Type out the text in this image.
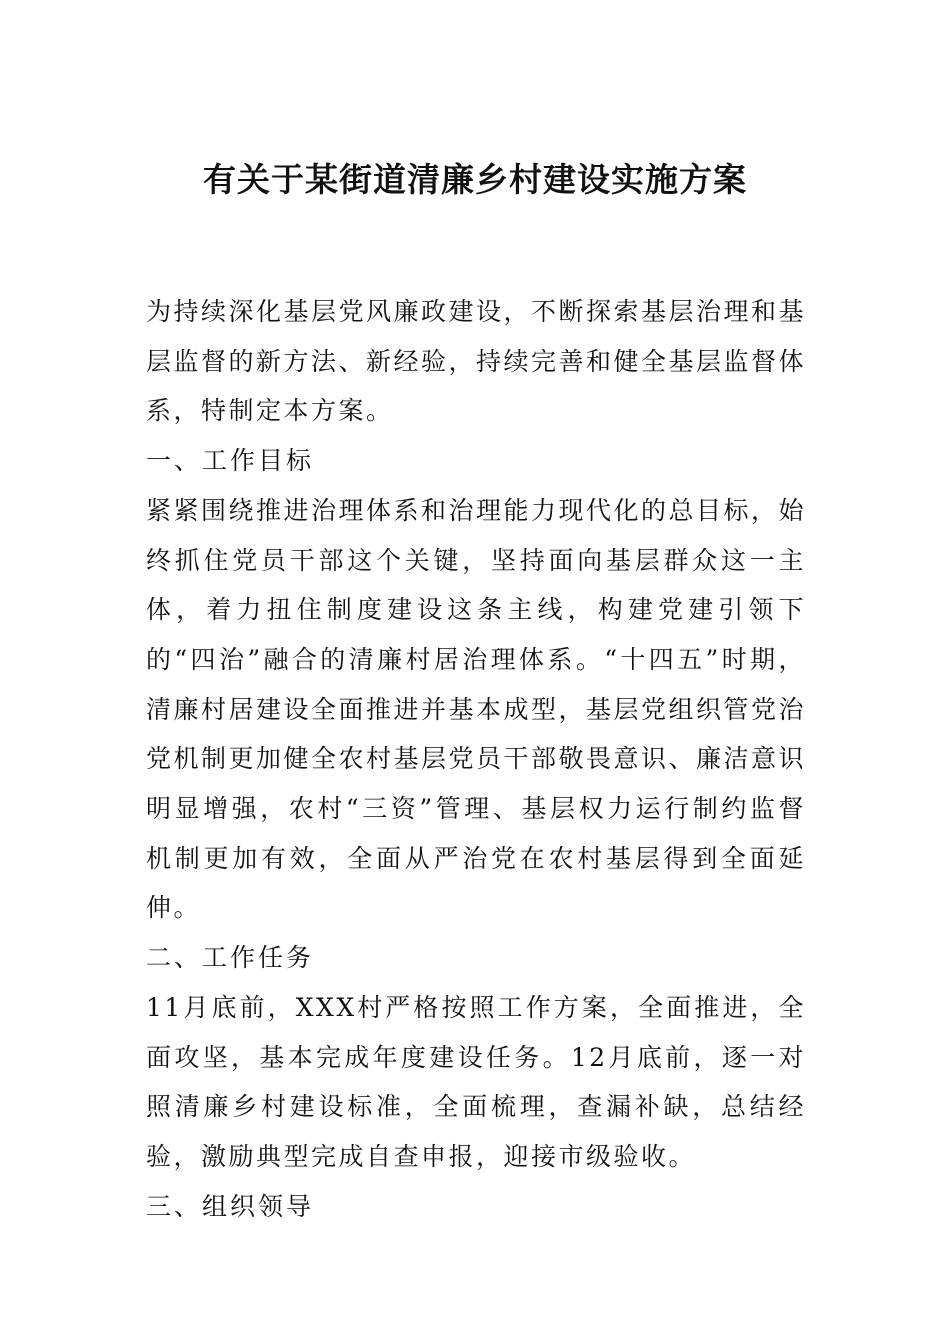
有关于某街道清廉乡村建设实施方案

为持续深化基层党风廉政建设，不断探索基层治理和基层监督的新方法、新经验，持续完善和健全基层监督体系，特制定本方案。

一、工作目标

紧紧围绕推进治理体系和治理能力现代化的总目标，始终抓住党员干部这个关键，坚持面向基层群众这一主体，着力扭住制度建设这条主线，构建党建引领下的“四治”融合的清廉村居治理体系。“十四五”时期，清廉村居建设全面推进并基本成型，基层党组织管党治党机制更加健全农村基层党员干部敬畏意识、廉洁意识明显增强，农村“三资”管理、基层权力运行制约监督机制更加有效，全面从严治党在农村基层得到全面延伸。

二、工作任务

11月底前，XXX村严格按照工作方案，全面推进，全面攻坚，基本完成年度建设任务。12月底前，逐一对照清廉乡村建设标准，全面梳理，查漏补缺，总结经验，激励典型完成自查申报，迎接市级验收。

三、组织领导
